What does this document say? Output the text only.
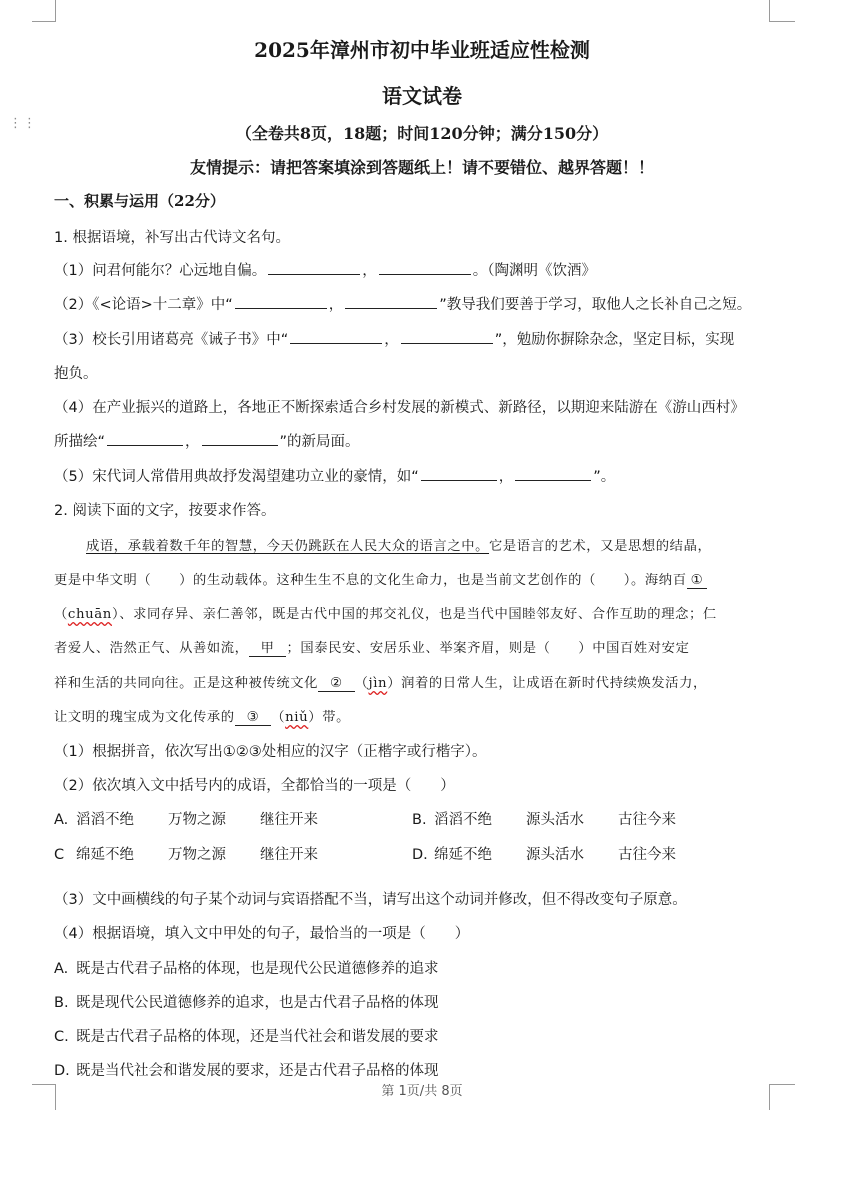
⋮⋮
2025年漳州市初中毕业班适应性检测
语文试卷
（全卷共8页，18题；时间120分钟；满分150分）
友情提示：请把答案填涂到答题纸上！请不要错位、越界答题！！
一、积累与运用（22分）
1. 根据语境，补写出古代诗文名句。
（1）问君何能尔？心远地自偏。	，	。（陶渊明《饮酒》
（2）《<论语>十二章》中“	，	”教导我们要善于学习，取他人之长补自己之短。
（3）校长引用诸葛亮《诫子书》中“	，	”，勉励你摒除杂念，坚定目标，实现
抱负。
（4）在产业振兴的道路上，各地正不断探索适合乡村发展的新模式、新路径，以期迎来陆游在《游山西村》
所描绘“	，	”的新局面。
（5）宋代词人常借用典故抒发渴望建功立业的豪情，如“	，	”。
2. 阅读下面的文字，按要求作答。
成语，承载着数千年的智慧，今天仍跳跃在人民大众的语言之中。它是语言的艺术，又是思想的结晶，
更是中华文明（　　）的生动载体。这种生生不息的文化生命力，也是当前文艺创作的（　　）。海纳百 ①
（chuān）、求同存异、亲仁善邻，既是古代中国的邦交礼仪，也是当代中国睦邻友好、合作互助的理念；仁
者爱人、浩然正气、从善如流， 甲 ；国泰民安、安居乐业、举案齐眉，则是（　　）中国百姓对安定
祥和生活的共同向往。正是这种被传统文化 ② （jìn）润着的日常人生，让成语在新时代持续焕发活力，
让文明的瑰宝成为文化传承的 ③ （niǔ）带。
（1）根据拼音，依次写出①②③处相应的汉字（正楷字或行楷字）。
（2）依次填入文中括号内的成语，全都恰当的一项是（　　）
A. 滔滔不绝 万物之源 继往开来	B. 滔滔不绝 源头活水 古往今来
C 绵延不绝 万物之源 继往开来	D. 绵延不绝 源头活水 古往今来
（3）文中画横线的句子某个动词与宾语搭配不当，请写出这个动词并修改，但不得改变句子原意。
（4）根据语境，填入文中甲处的句子，最恰当的一项是（　　）
A. 既是古代君子品格的体现，也是现代公民道德修养的追求
B. 既是现代公民道德修养的追求，也是古代君子品格的体现
C. 既是古代君子品格的体现，还是当代社会和谐发展的要求
D. 既是当代社会和谐发展的要求，还是古代君子品格的体现
第 1页/共 8页
